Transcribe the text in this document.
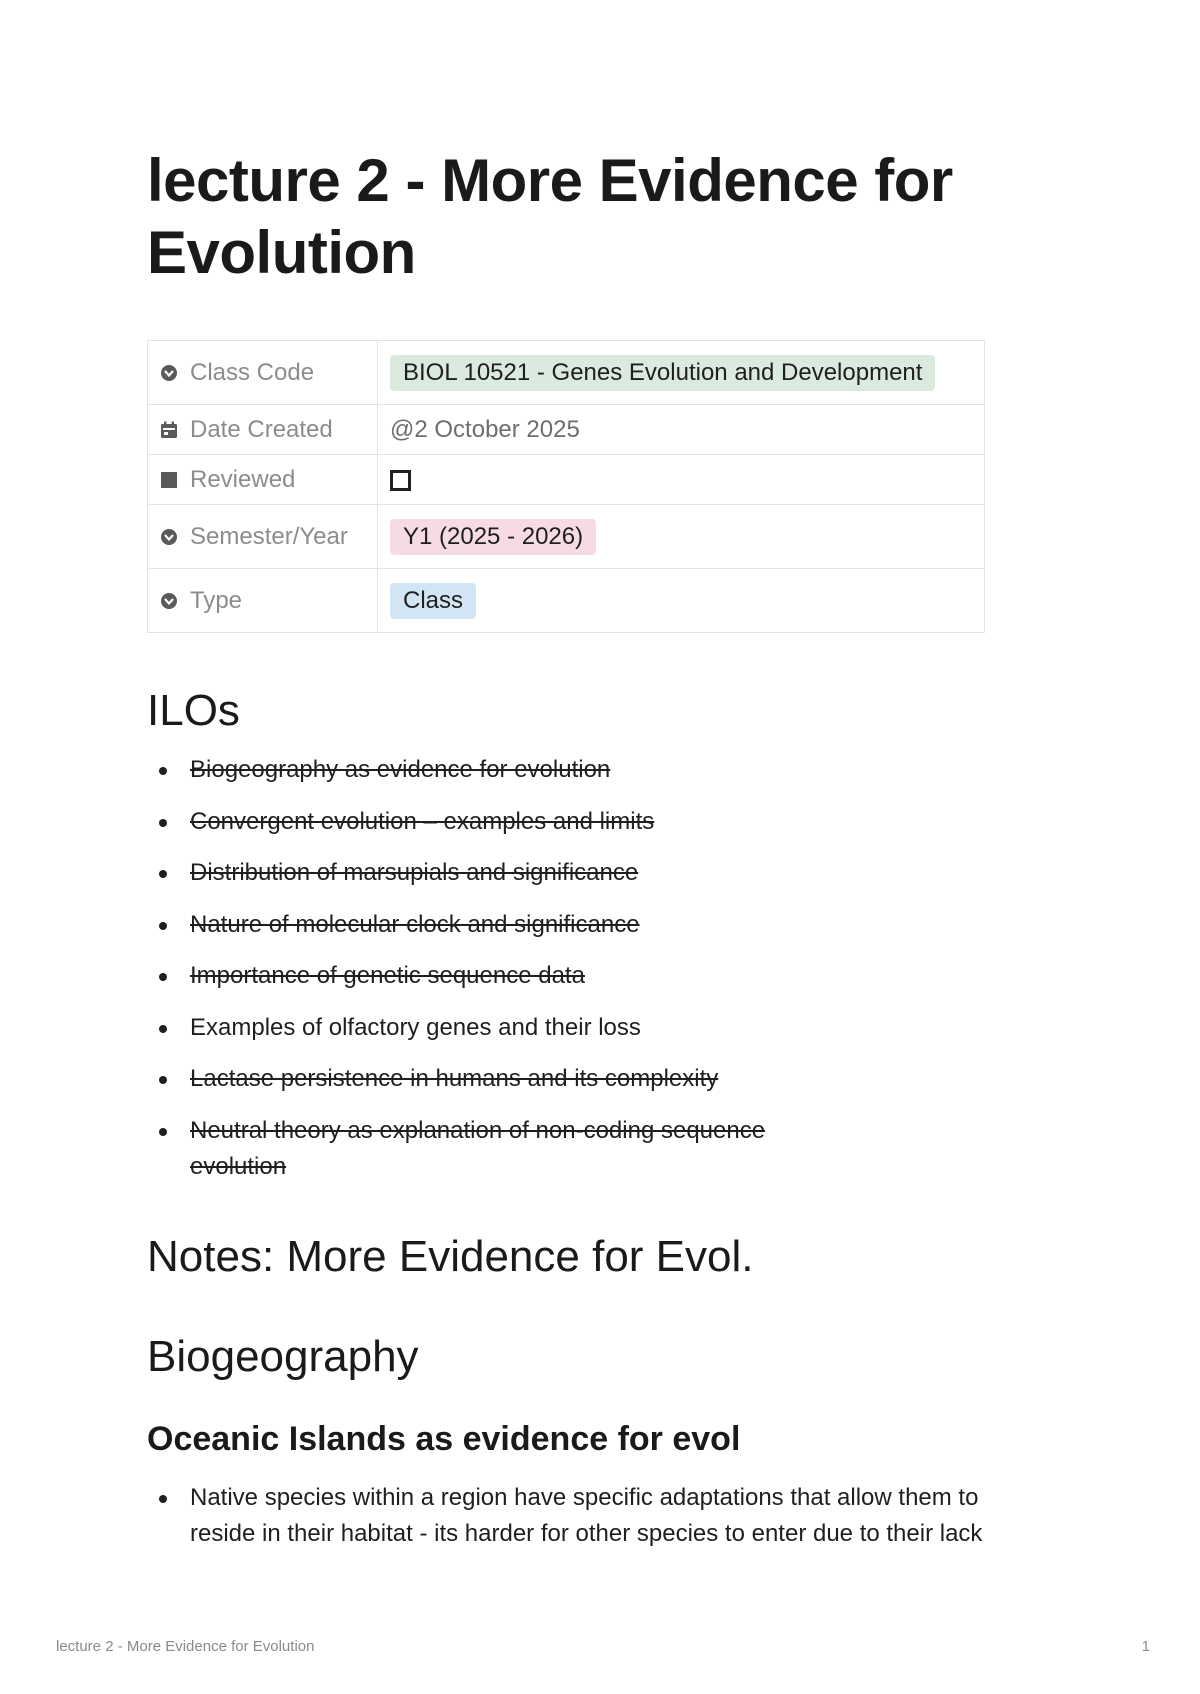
lecture 2 - More Evidence for Evolution
Class Code	BIOL 10521 - Genes Evolution and Development

Date Created	@2 October 2025

Reviewed	

Semester/Year	Y1 (2025 - 2026)

Type	Class
ILOs
Biogeography as evidence for evolution
Convergent evolution – examples and limits
Distribution of marsupials and significance
Nature of molecular clock and significance
Importance of genetic sequence data
Examples of olfactory genes and their loss
Lactase persistence in humans and its complexity
Neutral theory as explanation of non-coding sequence evolution
Notes: More Evidence for Evol.
Biogeography
Oceanic Islands as evidence for evol
Native species within a region have specific adaptations that allow them to reside in their habitat - its harder for other species to enter due to their lack
lecture 2 - More Evidence for Evolution	1
